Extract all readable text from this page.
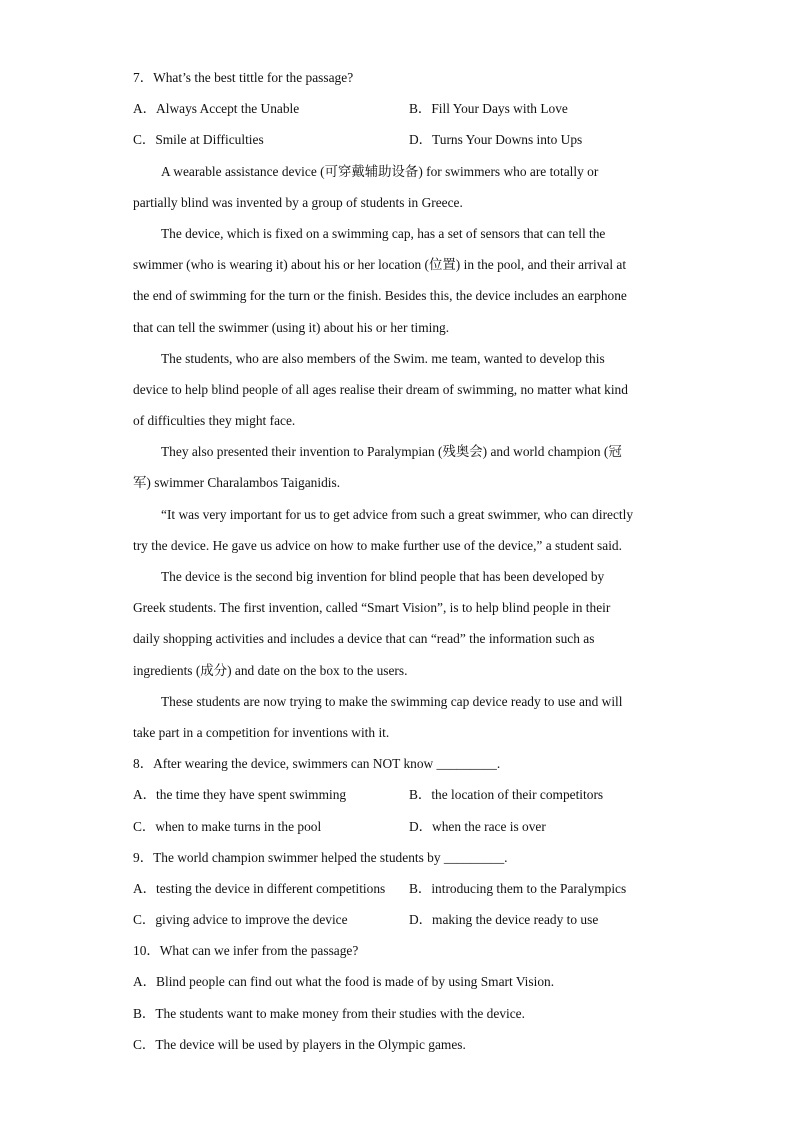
7．What’s the best tittle for the passage?
A．Always Accept the Unable	B．Fill Your Days with Love
C．Smile at Difficulties	D．Turns Your Downs into Ups
A wearable assistance device (可穿戴辅助设备) for swimmers who are totally or
partially blind was invented by a group of students in Greece.
The device, which is fixed on a swimming cap, has a set of sensors that can tell the
swimmer (who is wearing it) about his or her location (位置) in the pool, and their arrival at
the end of swimming for the turn or the finish. Besides this, the device includes an earphone
that can tell the swimmer (using it) about his or her timing.
The students, who are also members of the Swim. me team, wanted to develop this
device to help blind people of all ages realise their dream of swimming, no matter what kind
of difficulties they might face.
They also presented their invention to Paralympian (残奥会) and world champion (冠
军) swimmer Charalambos Taiganidis.
“It was very important for us to get advice from such a great swimmer, who can directly
try the device. He gave us advice on how to make further use of the device,” a student said.
The device is the second big invention for blind people that has been developed by
Greek students. The first invention, called “Smart Vision”, is to help blind people in their
daily shopping activities and includes a device that can “read” the information such as
ingredients (成分) and date on the box to the users.
These students are now trying to make the swimming cap device ready to use and will
take part in a competition for inventions with it.
8．After wearing the device, swimmers can NOT know _________.
A．the time they have spent swimming	B．the location of their competitors
C．when to make turns in the pool	D．when the race is over
9．The world champion swimmer helped the students by _________.
A．testing the device in different competitions	B．introducing them to the Paralympics
C．giving advice to improve the device	D．making the device ready to use
10．What can we infer from the passage?
A．Blind people can find out what the food is made of by using Smart Vision.
B．The students want to make money from their studies with the device.
C．The device will be used by players in the Olympic games.
